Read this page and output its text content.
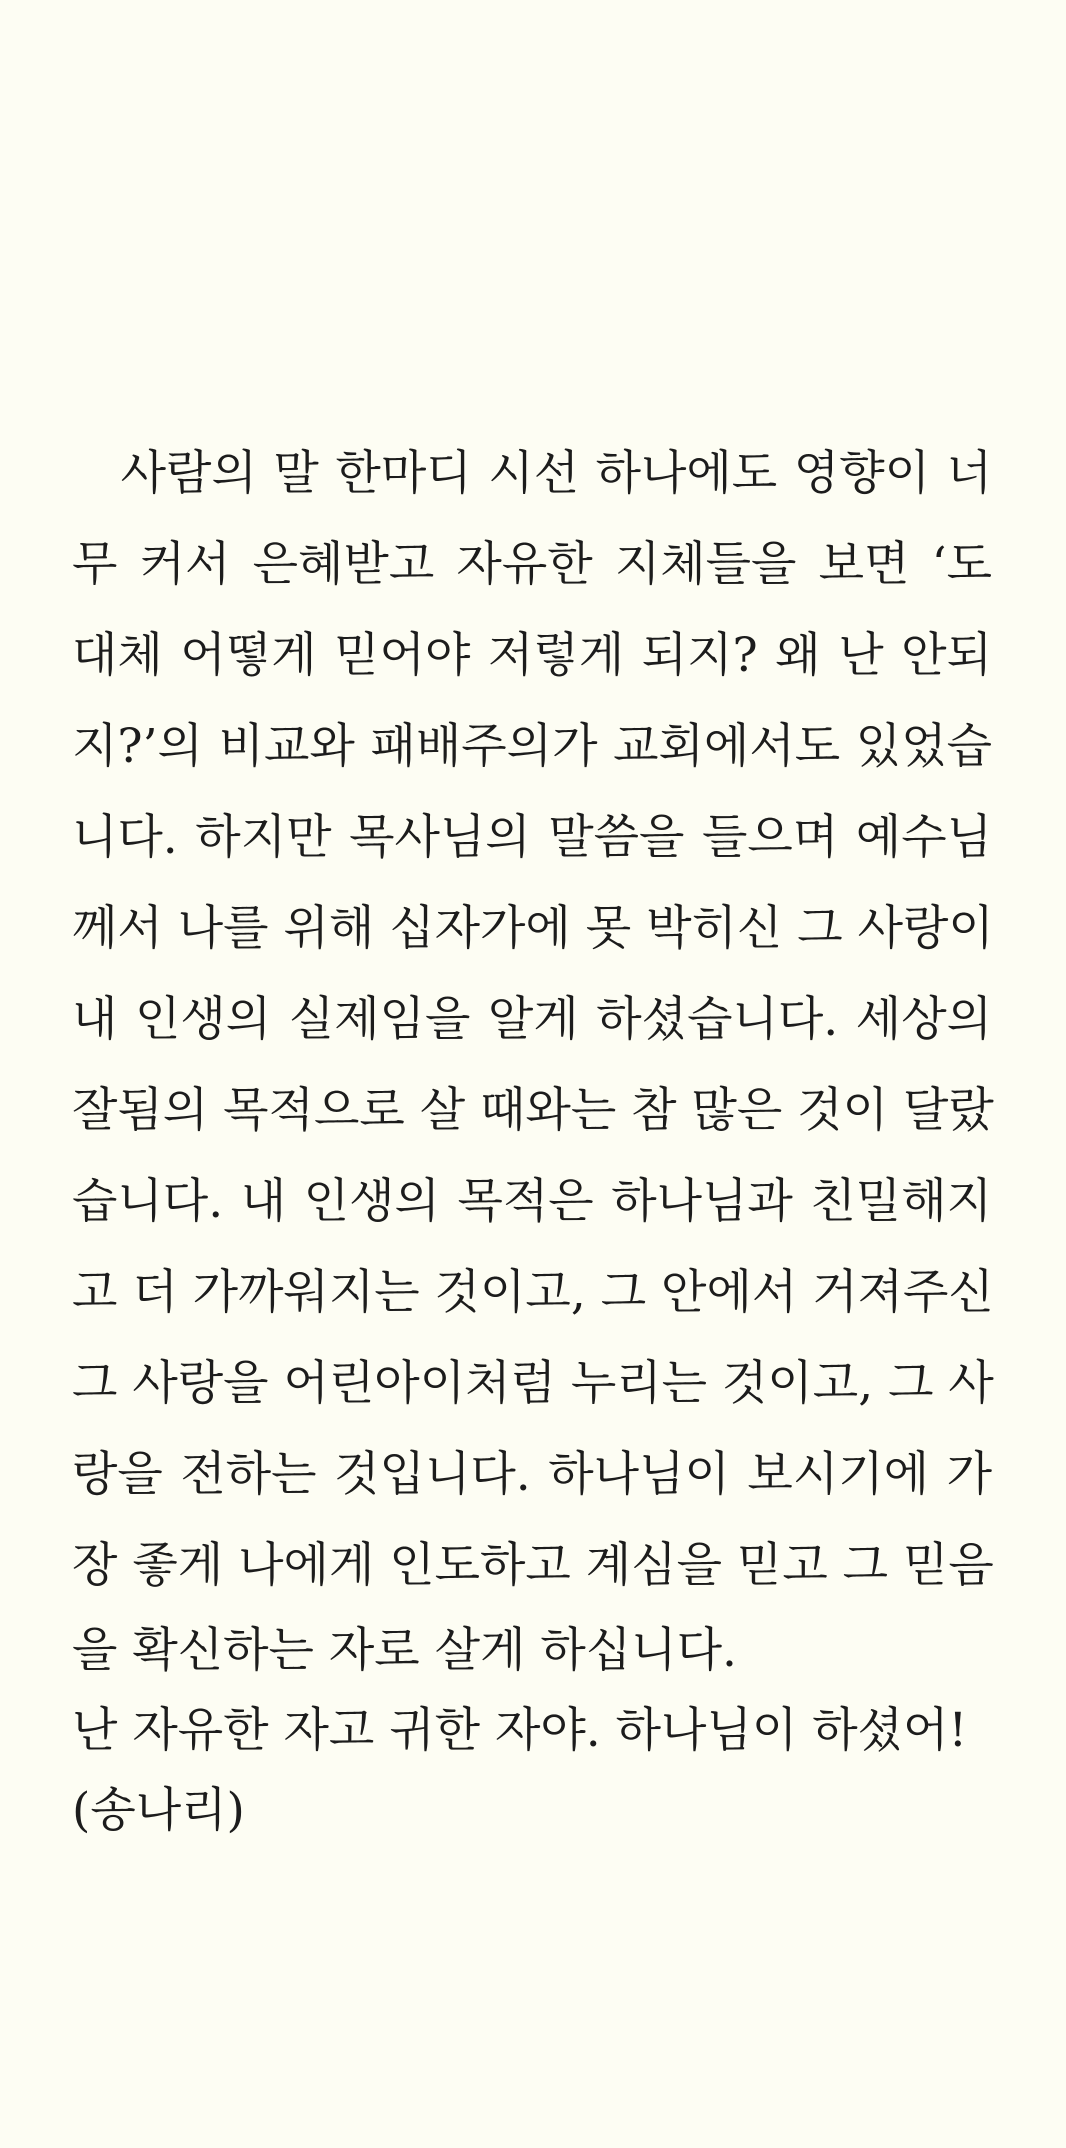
　사람의 말 한마디 시선 하나에도 영향이 너
무 커서 은혜받고 자유한 지체들을 보면 ‘도
대체 어떻게 믿어야 저렇게 되지? 왜 난 안되
지?’의 비교와 패배주의가 교회에서도 있었습
니다. 하지만 목사님의 말씀을 들으며 예수님
께서 나를 위해 십자가에 못 박히신 그 사랑이
내 인생의 실제임을 알게 하셨습니다. 세상의
잘됨의 목적으로 살 때와는 참 많은 것이 달랐
습니다. 내 인생의 목적은 하나님과 친밀해지
고 더 가까워지는 것이고, 그 안에서 거져주신
그 사랑을 어린아이처럼 누리는 것이고, 그 사
랑을 전하는 것입니다. 하나님이 보시기에 가
장 좋게 나에게 인도하고 계심을 믿고 그 믿음
을 확신하는 자로 살게 하십니다.
난 자유한 자고 귀한 자야. 하나님이 하셨어!
(송나리)
